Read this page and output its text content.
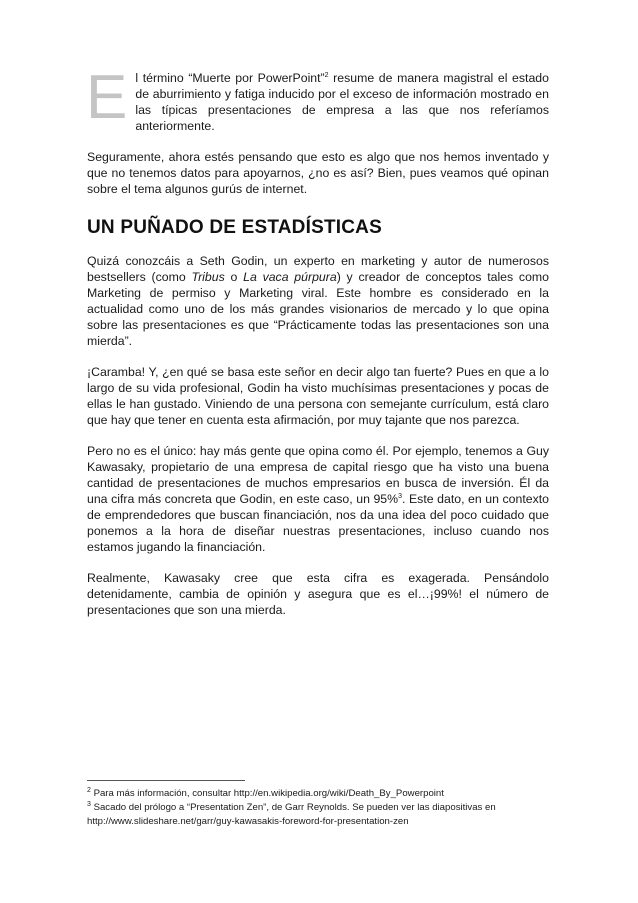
El término “Muerte por PowerPoint”$^2$ resume de manera magistral el estado de aburrimiento y fatiga inducido por el exceso de información mostrado en las típicas presentaciones de empresa a las que nos referíamos anteriormente.

Seguramente, ahora estés pensando que esto es algo que nos hemos inventado y que no tenemos datos para apoyarnos, ¿no es así? Bien, pues veamos qué opinan sobre el tema algunos gurús de internet.

UN PUÑADO DE ESTADÍSTICAS

Quizá conozcáis a Seth Godin, un experto en marketing y autor de numerosos bestsellers (como Tribus o La vaca púrpura) y creador de conceptos tales como Marketing de permiso y Marketing viral. Este hombre es considerado en la actualidad como uno de los más grandes visionarios de mercado y lo que opina sobre las presentaciones es que “Prácticamente todas las presentaciones son una mierda”.

¡Caramba! Y, ¿en qué se basa este señor en decir algo tan fuerte? Pues en que a lo largo de su vida profesional, Godin ha visto muchísimas presentaciones y pocas de ellas le han gustado. Viniendo de una persona con semejante currículum, está claro que hay que tener en cuenta esta afirmación, por muy tajante que nos parezca.

Pero no es el único: hay más gente que opina como él. Por ejemplo, tenemos a Guy Kawasaky, propietario de una empresa de capital riesgo que ha visto una buena cantidad de presentaciones de muchos empresarios en busca de inversión. Él da una cifra más concreta que Godin, en este caso, un 95%$^3$. Este dato, en un contexto de emprendedores que buscan financiación, nos da una idea del poco cuidado que ponemos a la hora de diseñar nuestras presentaciones, incluso cuando nos estamos jugando la financiación.

Realmente, Kawasaky cree que esta cifra es exagerada. Pensándolo detenidamente, cambia de opinión y asegura que es el…¡99%! el número de presentaciones que son una mierda.

$^2$ Para más información, consultar http://en.wikipedia.org/wiki/Death_By_Powerpoint

$^3$ Sacado del prólogo a “Presentation Zen”, de Garr Reynolds. Se pueden ver las diapositivas en http://www.slideshare.net/garr/guy-kawasakis-foreword-for-presentation-zen
